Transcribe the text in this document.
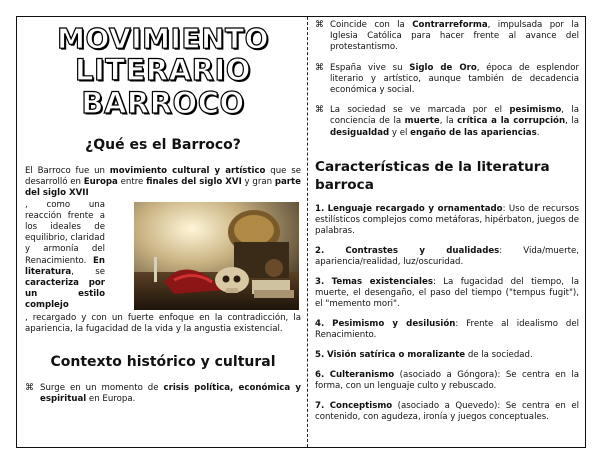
MOVIMIENTO
LITERARIO BARROCO
¿Qué es el Barroco?
El Barroco fue un movimiento cultural y artístico que se desarrolló en Europa entre finales del siglo XVI y gran parte del siglo XVII
, como una reacción frente a los ideales de equilibrio, claridad y armonía del Renacimiento. En literatura, se caracteriza por un estilo complejo
, recargado y con un fuerte enfoque en la contradicción, la apariencia, la fugacidad de la vida y la angustia existencial.
Contexto histórico y cultural
⌘ Surge en un momento de crisis política, económica y espiritual en Europa.
⌘ Coincide con la Contrarreforma, impulsada por la Iglesia Católica para hacer frente al avance del protestantismo.
⌘ España vive su Siglo de Oro, época de esplendor literario y artístico, aunque también de decadencia económica y social.
⌘ La sociedad se ve marcada por el pesimismo, la conciencia de la muerte, la crítica a la corrupción, la desigualdad y el engaño de las apariencias.
Características de la literatura barroca

1. Lenguaje recargado y ornamentado: Uso de recursos estilísticos complejos como metáforas, hipérbaton, juegos de palabras.

2. Contrastes y dualidades: Vida/muerte, apariencia/realidad, luz/oscuridad.

3. Temas existenciales: La fugacidad del tiempo, la muerte, el desengaño, el paso del tiempo ("tempus fugit"), el "memento mori".

4. Pesimismo y desilusión: Frente al idealismo del Renacimiento.

5. Visión satírica o moralizante de la sociedad.

6. Culteranismo (asociado a Góngora): Se centra en la forma, con un lenguaje culto y rebuscado.

7. Conceptismo (asociado a Quevedo): Se centra en el contenido, con agudeza, ironía y juegos conceptuales.
